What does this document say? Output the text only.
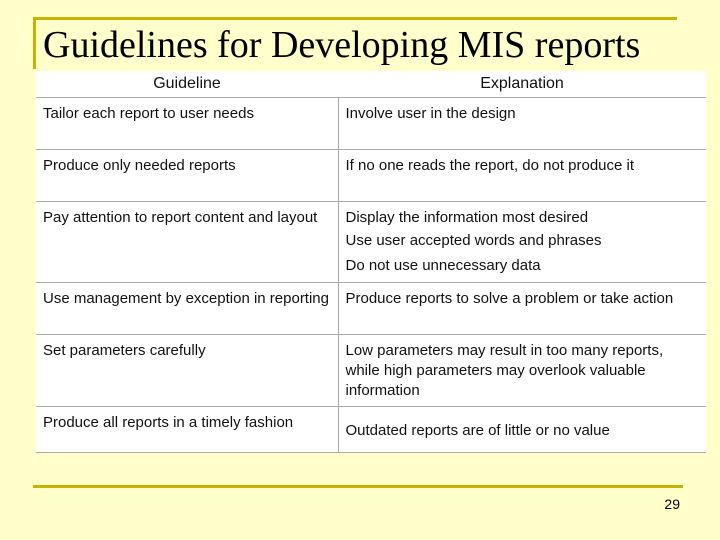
Guidelines for Developing MIS reports
Guideline	Explanation
Tailor each report to user needs	Involve user in the design
Produce only needed reports	If no one reads the report, do not produce it
Pay attention to report content and layout	Display the information most desired
Use user accepted words and phrases
Do not use unnecessary data

Use management by exception in reporting	Produce reports to solve a problem or take action
Set parameters carefully	Low parameters may result in too many reports, while high parameters may overlook valuable information
Produce all reports in a timely fashion	Outdated reports are of little or no value
29
